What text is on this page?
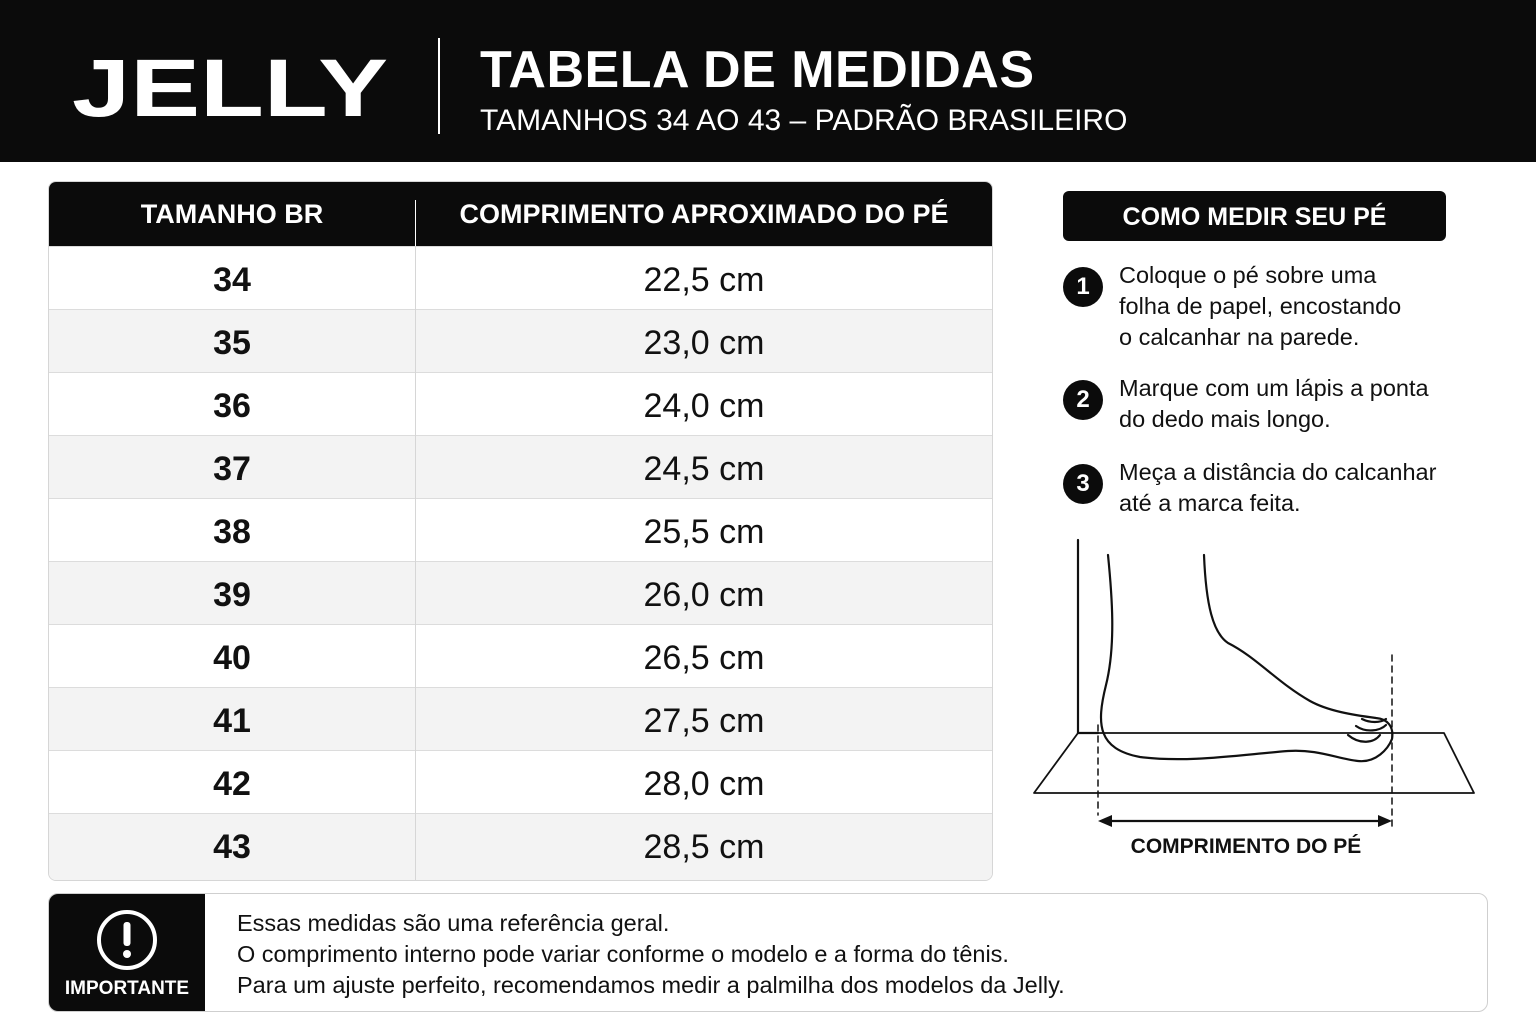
JELLY TABELA DE MEDIDAS
TAMANHOS 34 AO 43 – PADRÃO BRASILEIRO
TAMANHO BR	COMPRIMENTO APROXIMADO DO PÉ
34	22,5 cm
35	23,0 cm
36	24,0 cm
37	24,5 cm
38	25,5 cm
39	26,0 cm
40	26,5 cm
41	27,5 cm
42	28,0 cm
43	28,5 cm
COMO MEDIR SEU PÉ
1	Coloque o pé sobre uma
folha de papel, encostando
o calcanhar na parede.
2	Marque com um lápis a ponta
do dedo mais longo.
3	Meça a distância do calcanhar
até a marca feita.
COMPRIMENTO DO PÉ
IMPORTANTE
Essas medidas são uma referência geral.
O comprimento interno pode variar conforme o modelo e a forma do tênis.
Para um ajuste perfeito, recomendamos medir a palmilha dos modelos da Jelly.
